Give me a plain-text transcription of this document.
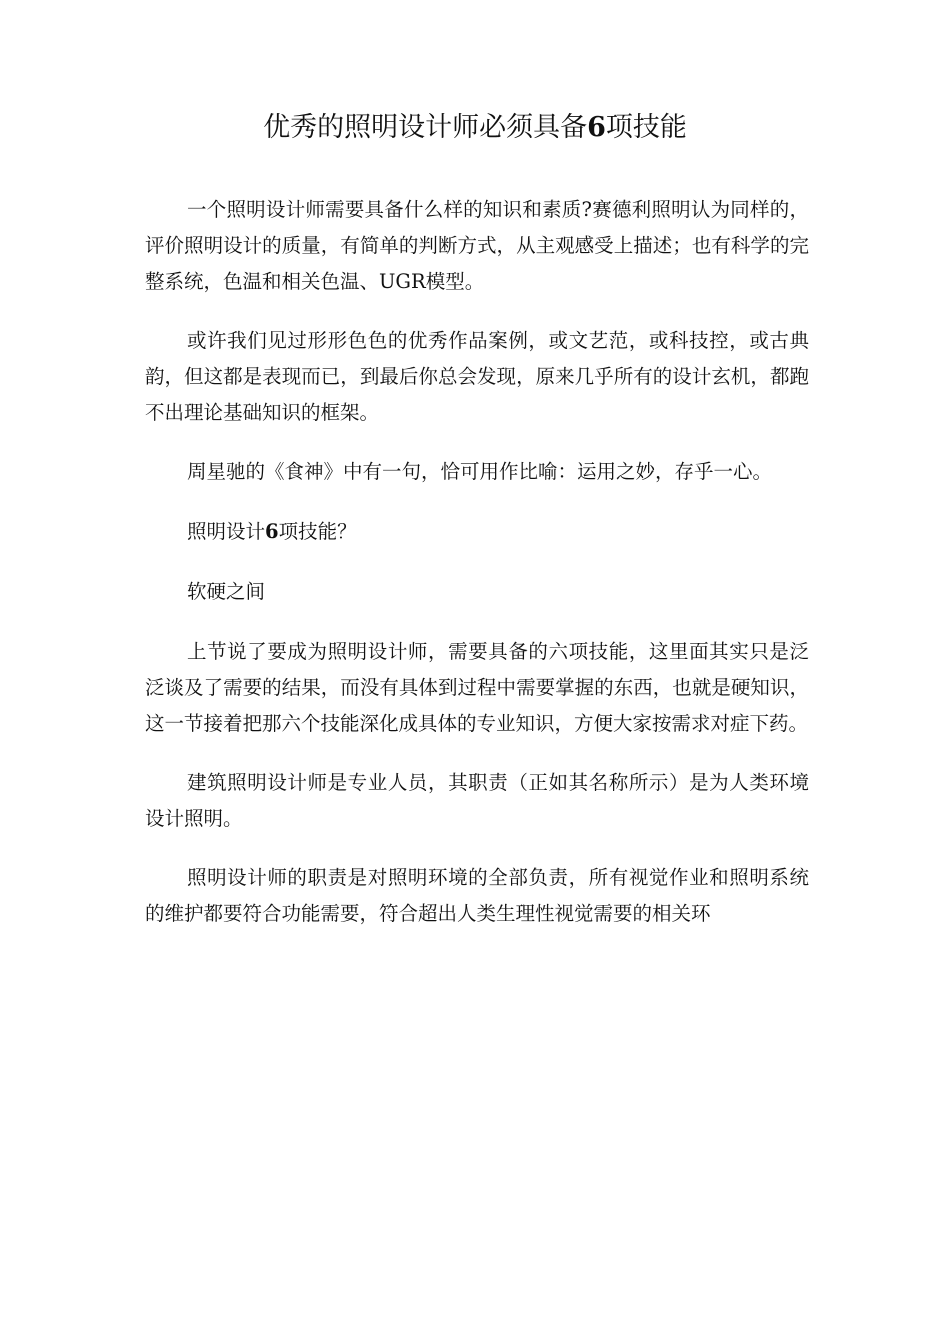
优秀的照明设计师必须具备6项技能

一个照明设计师需要具备什么样的知识和素质?赛德利照明认为同样的，评价照明设计的质量，有简单的判断方式，从主观感受上描述；也有科学的完整系统，色温和相关色温、UGR模型。

或许我们见过形形色色的优秀作品案例，或文艺范，或科技控，或古典韵，但这都是表现而已，到最后你总会发现，原来几乎所有的设计玄机，都跑不出理论基础知识的框架。

周星驰的《食神》中有一句，恰可用作比喻：运用之妙，存乎一心。

照明设计6项技能？

软硬之间

上节说了要成为照明设计师，需要具备的六项技能，这里面其实只是泛泛谈及了需要的结果，而没有具体到过程中需要掌握的东西，也就是硬知识，这一节接着把那六个技能深化成具体的专业知识，方便大家按需求对症下药。

建筑照明设计师是专业人员，其职责（正如其名称所示）是为人类环境设计照明。

照明设计师的职责是对照明环境的全部负责，所有视觉作业和照明系统的维护都要符合功能需要，符合超出人类生理性视觉需要的相关环
